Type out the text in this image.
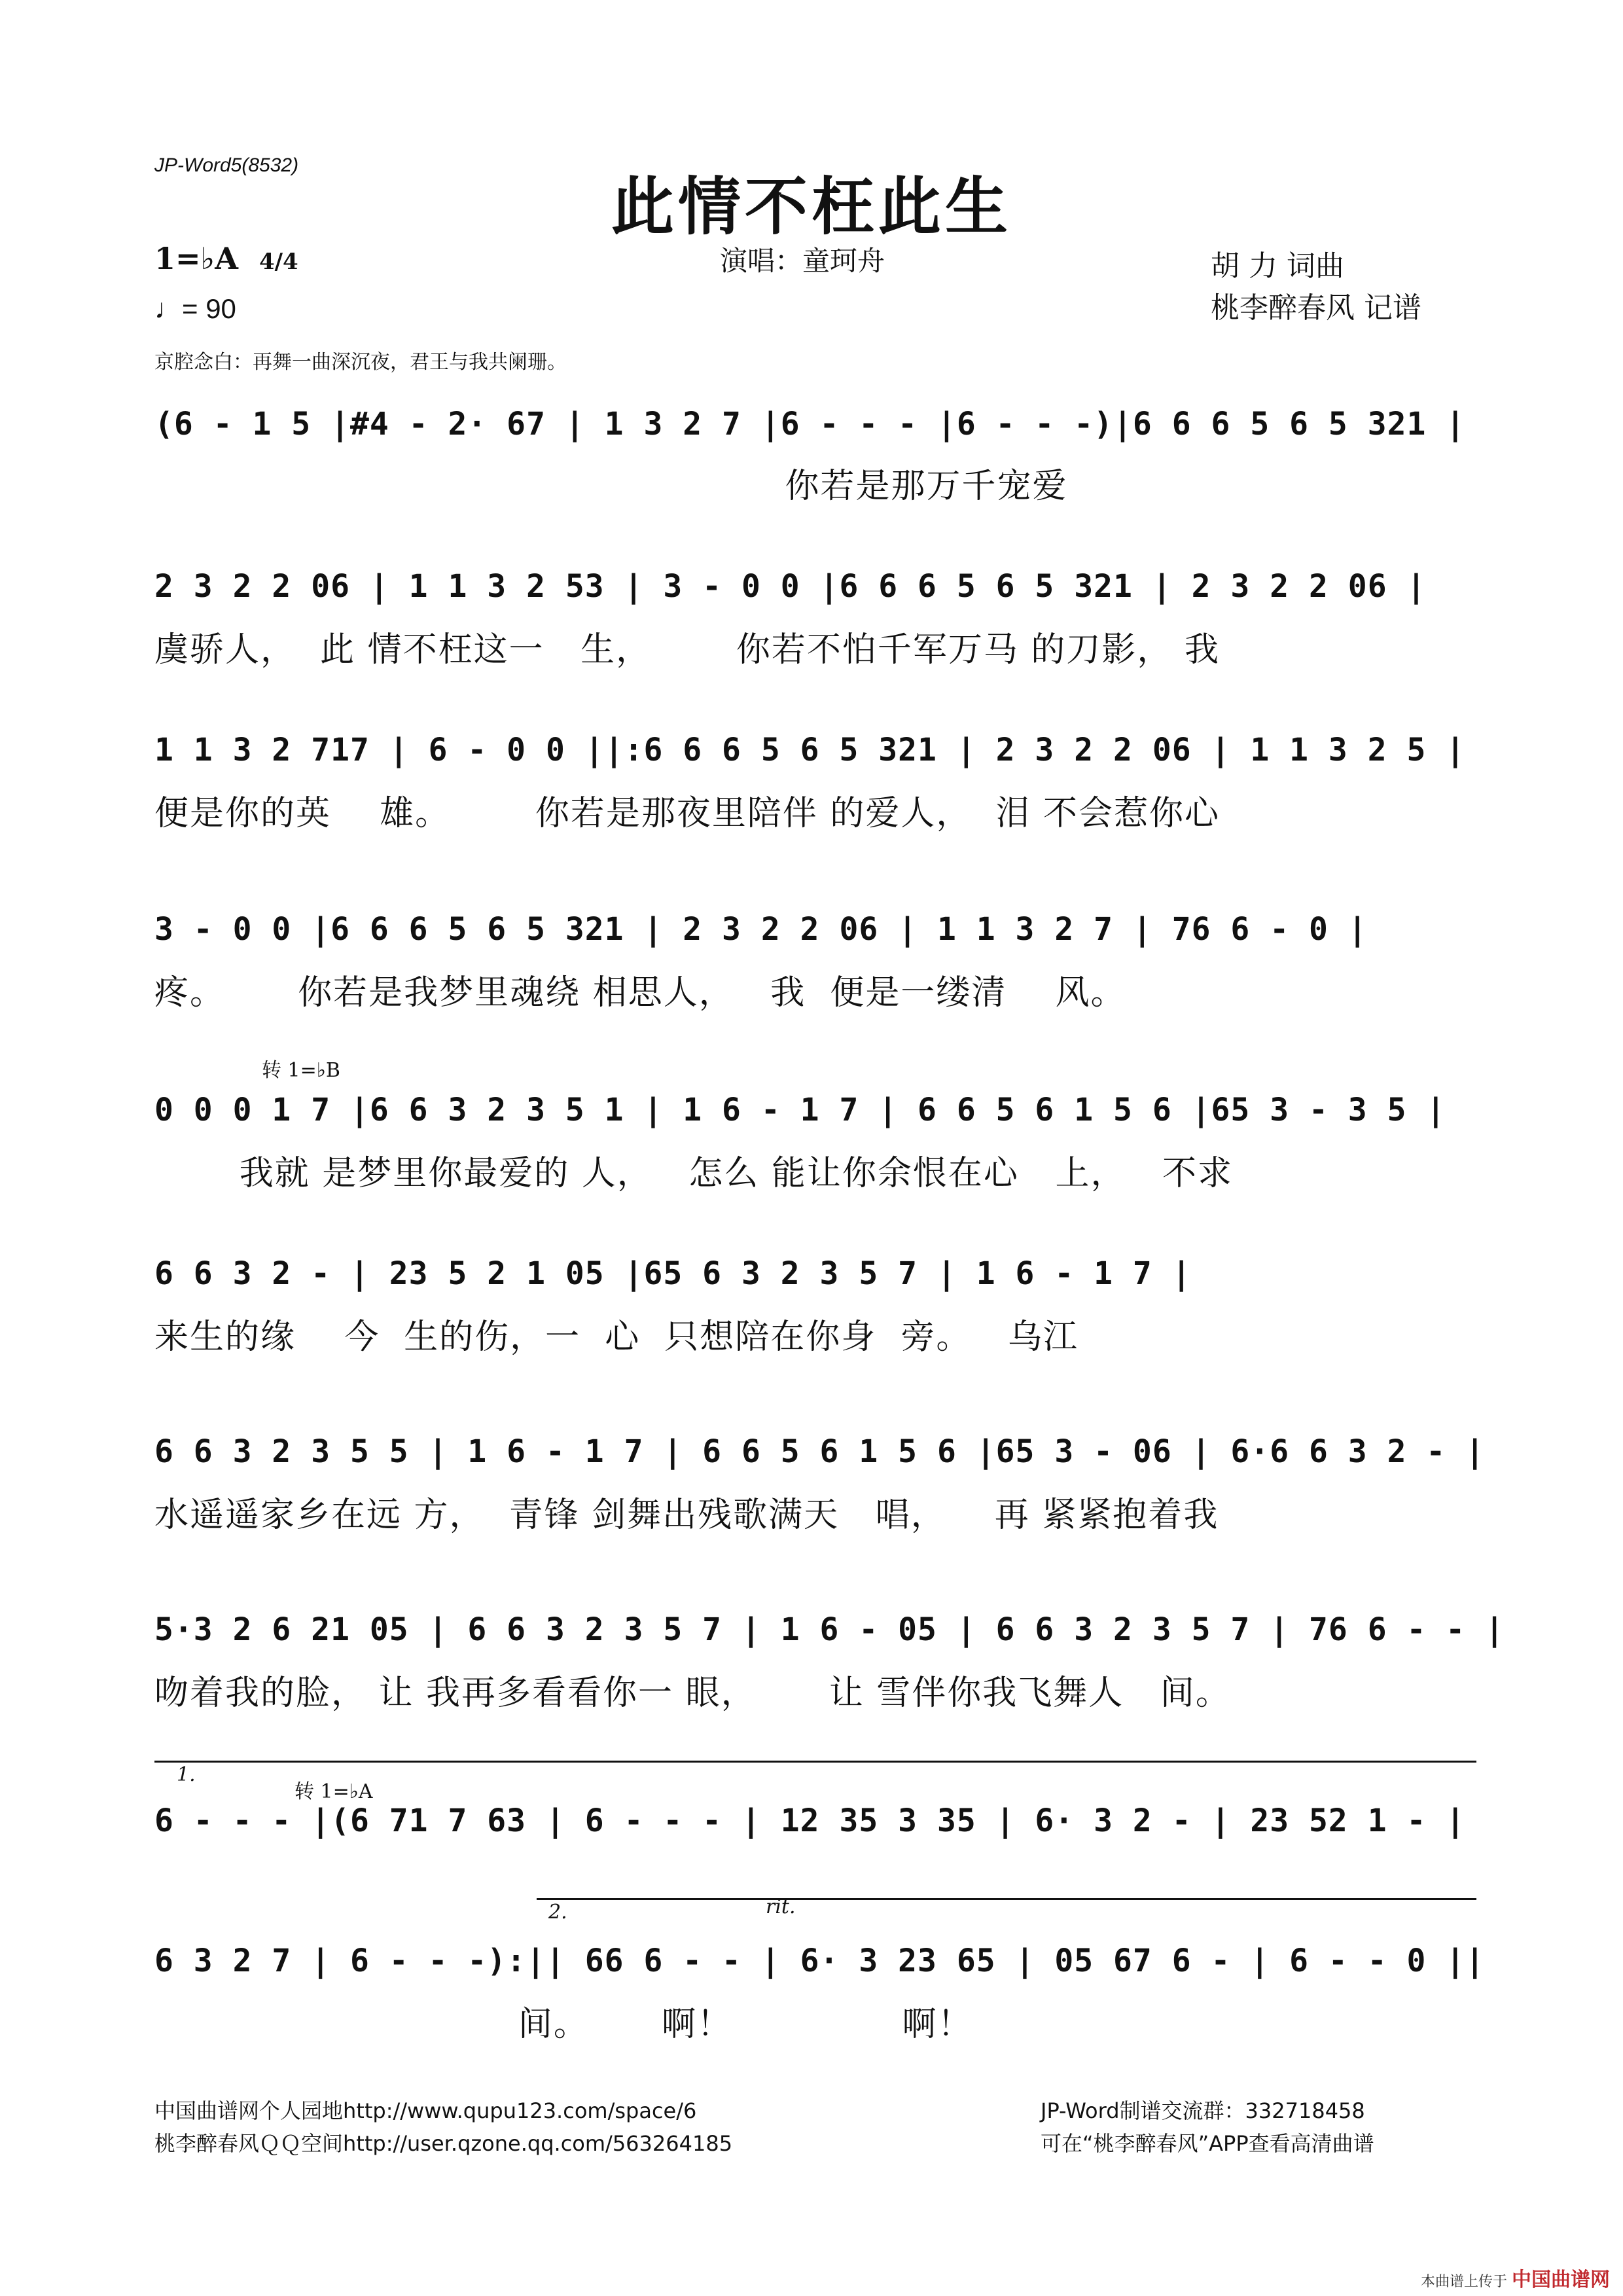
JP-Word5(8532)
此情不枉此生
1=♭A 4/4
♩= 90
演唱：童珂舟	胡 力 词曲
桃李醉春风 记谱
京腔念白：再舞一曲深沉夜，君王与我共阑珊。
(6 - 1 5 |#4 - 2· 67 | 1 3 2 7 |6 - - - |6 - - -)|6 6 6 5 6 5 321 |
你若是那万千宠爱
2 3 2 2 06 | 1 1 3 2 53 | 3 - 0 0 |6 6 6 5 6 5 321 | 2 3 2 2 06 |
虞骄人，  此 情不枉这一   生，       你若不怕千军万马 的刀影， 我
1 1 3 2 717 | 6 - 0 0 ||:6 6 6 5 6 5 321 | 2 3 2 2 06 | 1 1 3 2 5 |
便是你的英    雄。       你若是那夜里陪伴 的爱人，  泪 不会惹你心
3 - 0 0 |6 6 6 5 6 5 321 | 2 3 2 2 06 | 1 1 3 2 7 | 76 6 - 0 |
疼。      你若是我梦里魂绕 相思人，   我  便是一缕清    风。
转 1=♭B
0 0 0 1 7 |6 6 3 2 3 5 1 | 1 6 - 1 7 | 6 6 5 6 1 5 6 |65 3 - 3 5 |
我就 是梦里你最爱的 人，   怎么 能让你余恨在心   上，   不求
6 6 3 2 - | 23 5 2 1 05 |65 6 3 2 3 5 7 | 1 6 - 1 7 |
来生的缘    今  生的伤，一  心  只想陪在你身  旁。   乌江
6 6 3 2 3 5 5 | 1 6 - 1 7 | 6 6 5 6 1 5 6 |65 3 - 06 | 6·6 6 3 2 - |
水遥遥家乡在远 方，  青锋 剑舞出残歌满天   唱，    再 紧紧抱着我
5·3 2 6 21 05 | 6 6 3 2 3 5 7 | 1 6 - 05 | 6 6 3 2 3 5 7 | 76 6 - - |
吻着我的脸， 让 我再多看看你一 眼，      让 雪伴你我飞舞人   间。
1.
转 1=♭A
6 - - - |(6 71 7 63 | 6 - - - | 12 35 3 35 | 6· 3 2 - | 23 52 1 - |
2.	rit.
6 3 2 7 | 6 - - -):|| 66 6 - - | 6· 3 23 65 | 05 67 6 - | 6 - - 0 ||
间。      啊！              啊！
中国曲谱网个人园地http://www.qupu123.com/space/6
桃李醉春风ＱＱ空间http://user.qzone.qq.com/563264185
JP-Word制谱交流群：332718458
可在“桃李醉春风”APP查看高清曲谱
本曲谱上传于 中国曲谱网
